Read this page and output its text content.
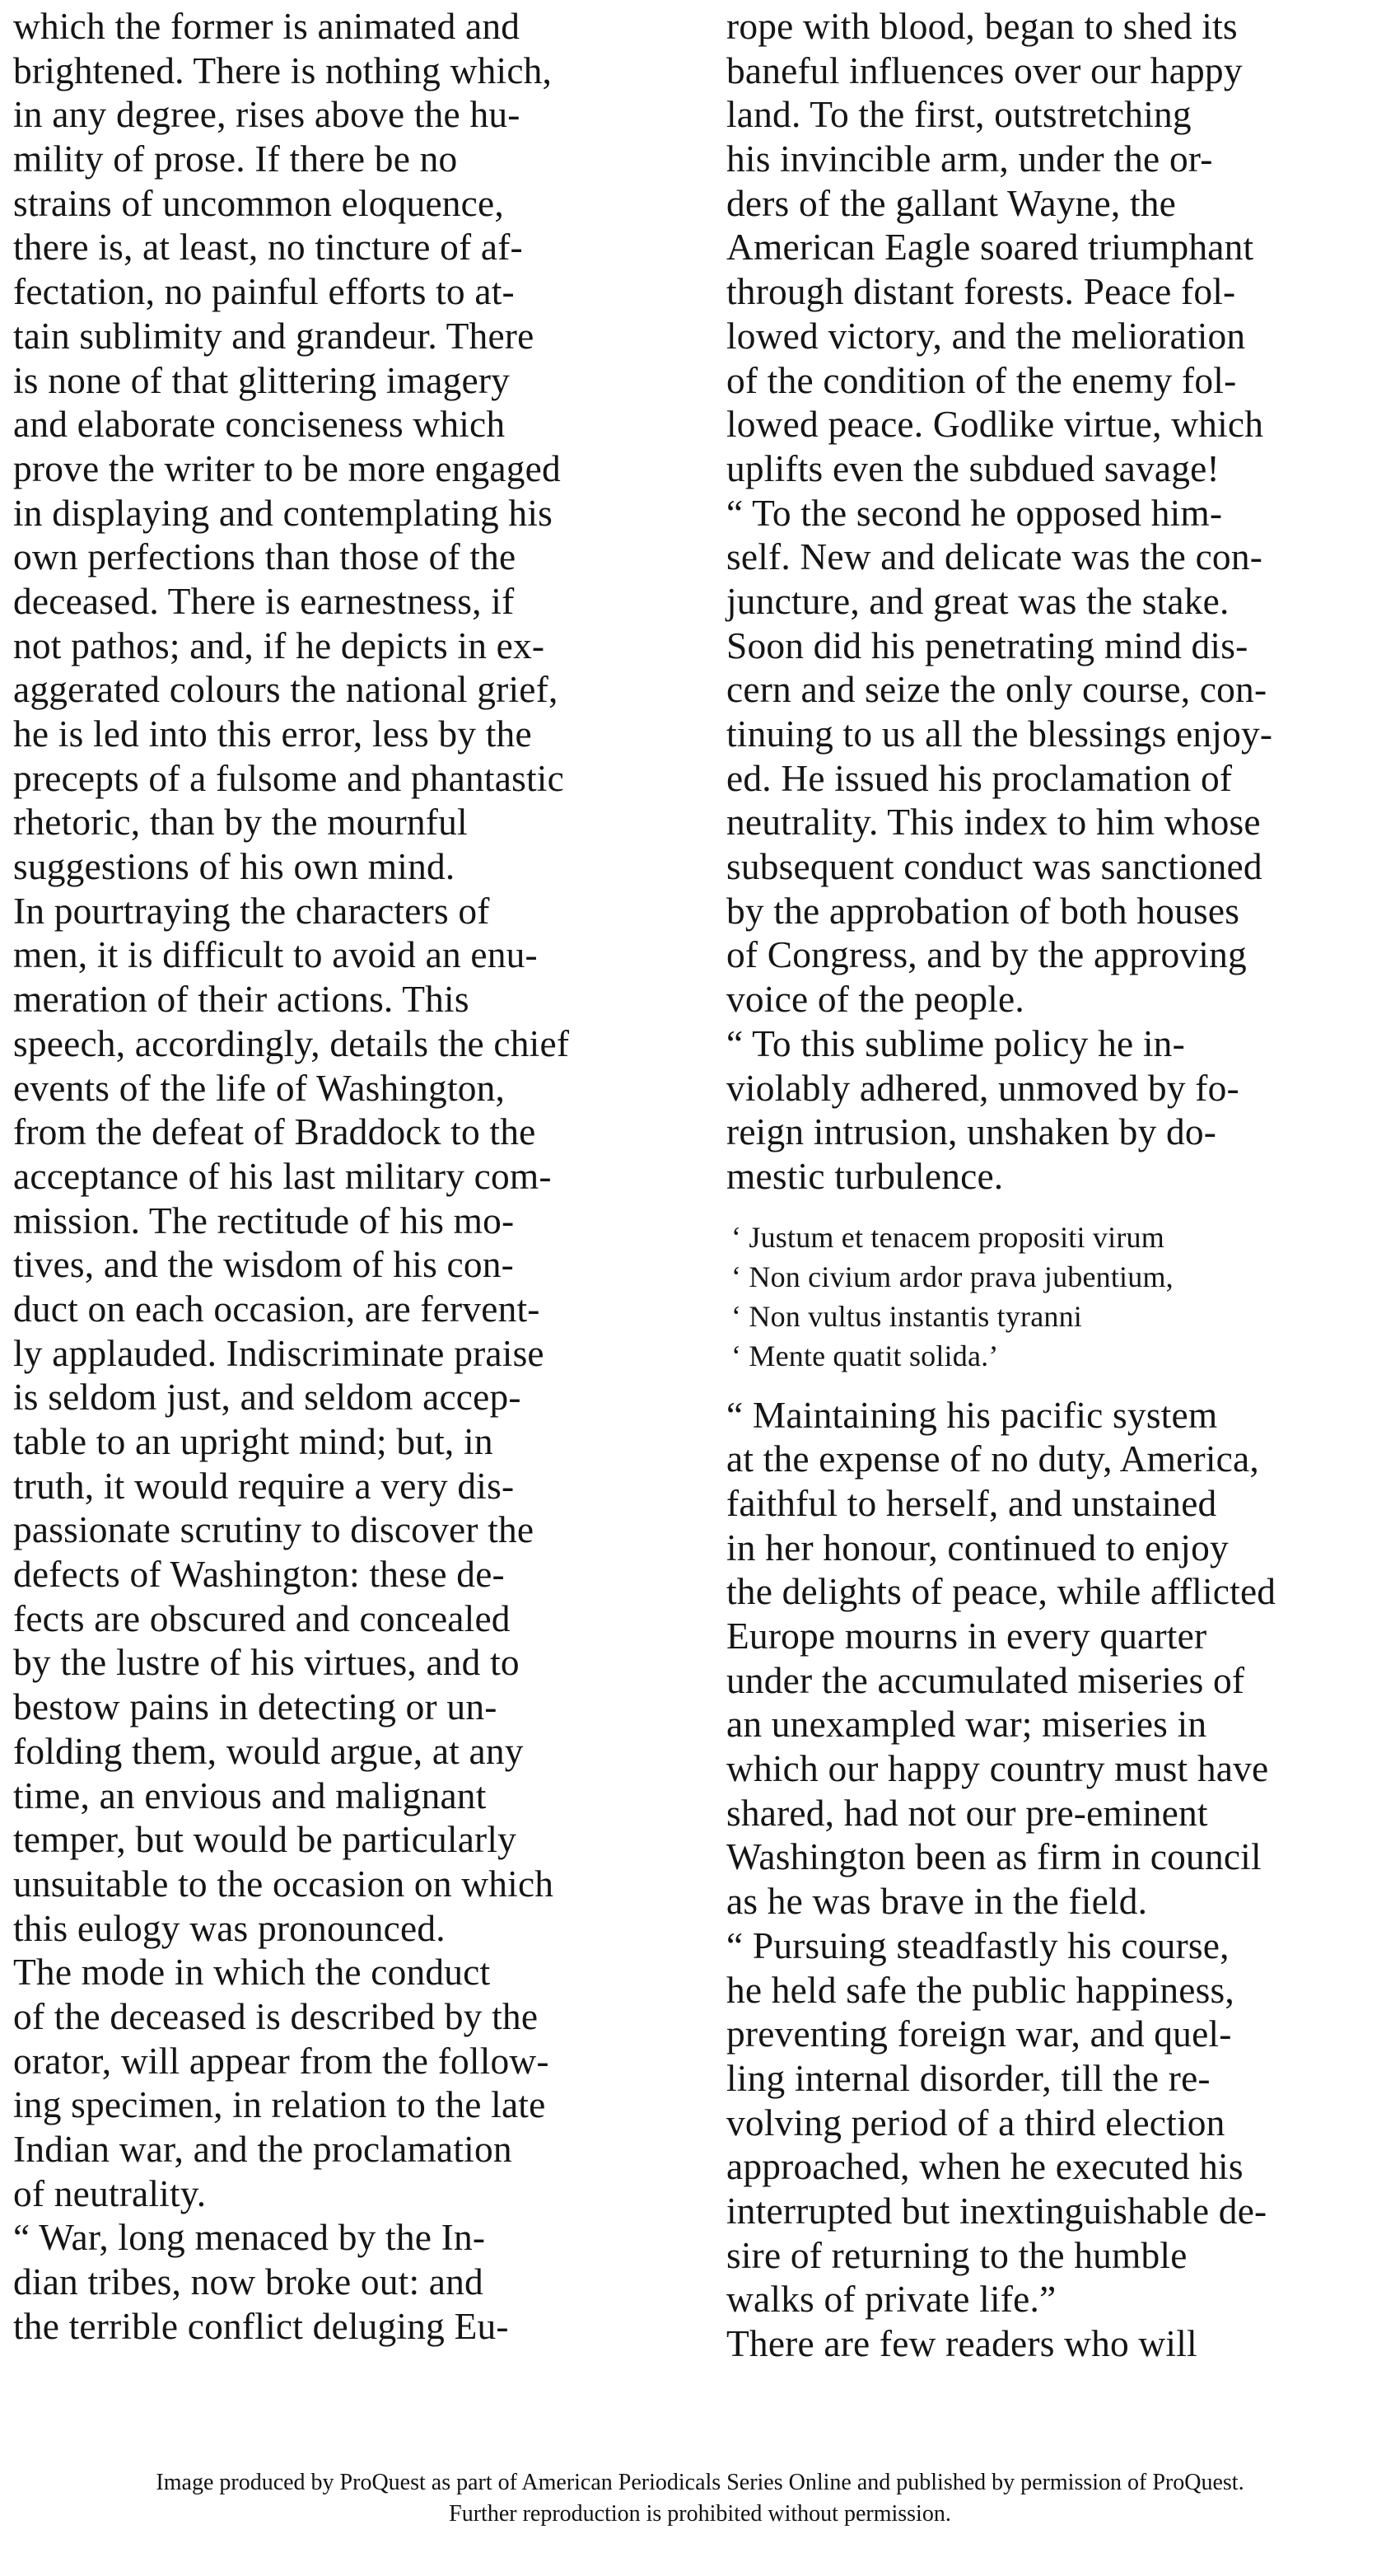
which the former is animated and
brightened. There is nothing which,
in any degree, rises above the hu-
mility of prose. If there be no
strains of uncommon eloquence,
there is, at least, no tincture of af-
fectation, no painful efforts to at-
tain sublimity and grandeur. There
is none of that glittering imagery
and elaborate conciseness which
prove the writer to be more engaged
in displaying and contemplating his
own perfections than those of the
deceased. There is earnestness, if
not pathos; and, if he depicts in ex-
aggerated colours the national grief,
he is led into this error, less by the
precepts of a fulsome and phantastic
rhetoric, than by the mournful
suggestions of his own mind.
In pourtraying the characters of
men, it is difficult to avoid an enu-
meration of their actions. This
speech, accordingly, details the chief
events of the life of Washington,
from the defeat of Braddock to the
acceptance of his last military com-
mission. The rectitude of his mo-
tives, and the wisdom of his con-
duct on each occasion, are fervent-
ly applauded. Indiscriminate praise
is seldom just, and seldom accep-
table to an upright mind; but, in
truth, it would require a very dis-
passionate scrutiny to discover the
defects of Washington: these de-
fects are obscured and concealed
by the lustre of his virtues, and to
bestow pains in detecting or un-
folding them, would argue, at any
time, an envious and malignant
temper, but would be particularly
unsuitable to the occasion on which
this eulogy was pronounced.
The mode in which the conduct
of the deceased is described by the
orator, will appear from the follow-
ing specimen, in relation to the late
Indian war, and the proclamation
of neutrality.
“ War, long menaced by the In-
dian tribes, now broke out: and
the terrible conflict deluging Eu-
rope with blood, began to shed its
baneful influences over our happy
land. To the first, outstretching
his invincible arm, under the or-
ders of the gallant Wayne, the
American Eagle soared triumphant
through distant forests. Peace fol-
lowed victory, and the melioration
of the condition of the enemy fol-
lowed peace. Godlike virtue, which
uplifts even the subdued savage!
“ To the second he opposed him-
self. New and delicate was the con-
juncture, and great was the stake.
Soon did his penetrating mind dis-
cern and seize the only course, con-
tinuing to us all the blessings enjoy-
ed. He issued his proclamation of
neutrality. This index to him whose
subsequent conduct was sanctioned
by the approbation of both houses
of Congress, and by the approving
voice of the people.
“ To this sublime policy he in-
violably adhered, unmoved by fo-
reign intrusion, unshaken by do-
mestic turbulence.
‘ Justum et tenacem propositi virum
‘ Non civium ardor prava jubentium,
‘ Non vultus instantis tyranni
‘ Mente quatit solida.’
“ Maintaining his pacific system
at the expense of no duty, America,
faithful to herself, and unstained
in her honour, continued to enjoy
the delights of peace, while afflicted
Europe mourns in every quarter
under the accumulated miseries of
an unexampled war; miseries in
which our happy country must have
shared, had not our pre-eminent
Washington been as firm in council
as he was brave in the field.
“ Pursuing steadfastly his course,
he held safe the public happiness,
preventing foreign war, and quel-
ling internal disorder, till the re-
volving period of a third election
approached, when he executed his
interrupted but inextinguishable de-
sire of returning to the humble
walks of private life.”
There are few readers who will
Image produced by ProQuest as part of American Periodicals Series Online and published by permission of ProQuest.
Further reproduction is prohibited without permission.
